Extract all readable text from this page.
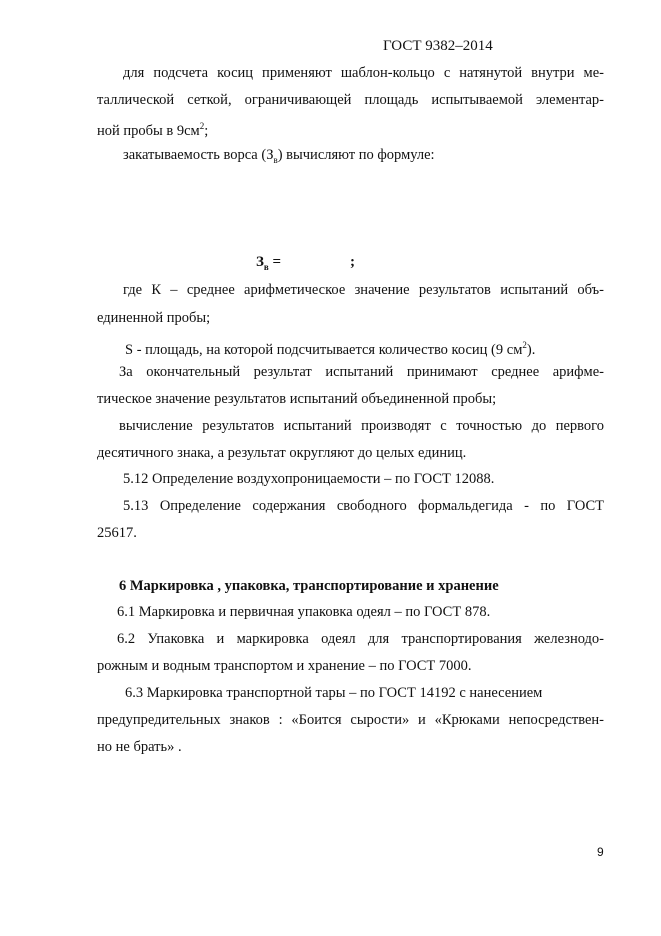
ГОСТ 9382–2014
для подсчета косиц применяют шаблон-кольцо с натянутой внутри ме-
таллической сеткой, ограничивающей площадь испытываемой элементар-
ной пробы в $9см^2$;
закатываемость ворса $(З_в)$ вычисляют по формуле:
$З_в$ =	;
где К – среднее арифметическое значение результатов испытаний объ-
единенной пробы;
S - площадь, на которой подсчитывается количество косиц (9 $см^2$).
За окончательный результат испытаний принимают среднее арифме-
тическое значение результатов испытаний объединенной пробы;
вычисление результатов испытаний производят с точностью до первого
десятичного знака, а результат округляют до целых единиц.
5.12 Определение воздухопроницаемости – по ГОСТ 12088.
5.13 Определение содержания свободного формальдегида - по ГОСТ
25617.
6 Маркировка , упаковка, транспортирование и хранение
6.1 Маркировка и первичная упаковка одеял – по ГОСТ 878.
6.2 Упаковка и маркировка одеял для транспортирования железнодо-
рожным и водным транспортом и хранение – по ГОСТ 7000.
6.3 Маркировка транспортной тары – по ГОСТ 14192 с нанесением
предупредительных знаков : «Боится сырости» и «Крюками непосредствен-
но не брать» .
9
